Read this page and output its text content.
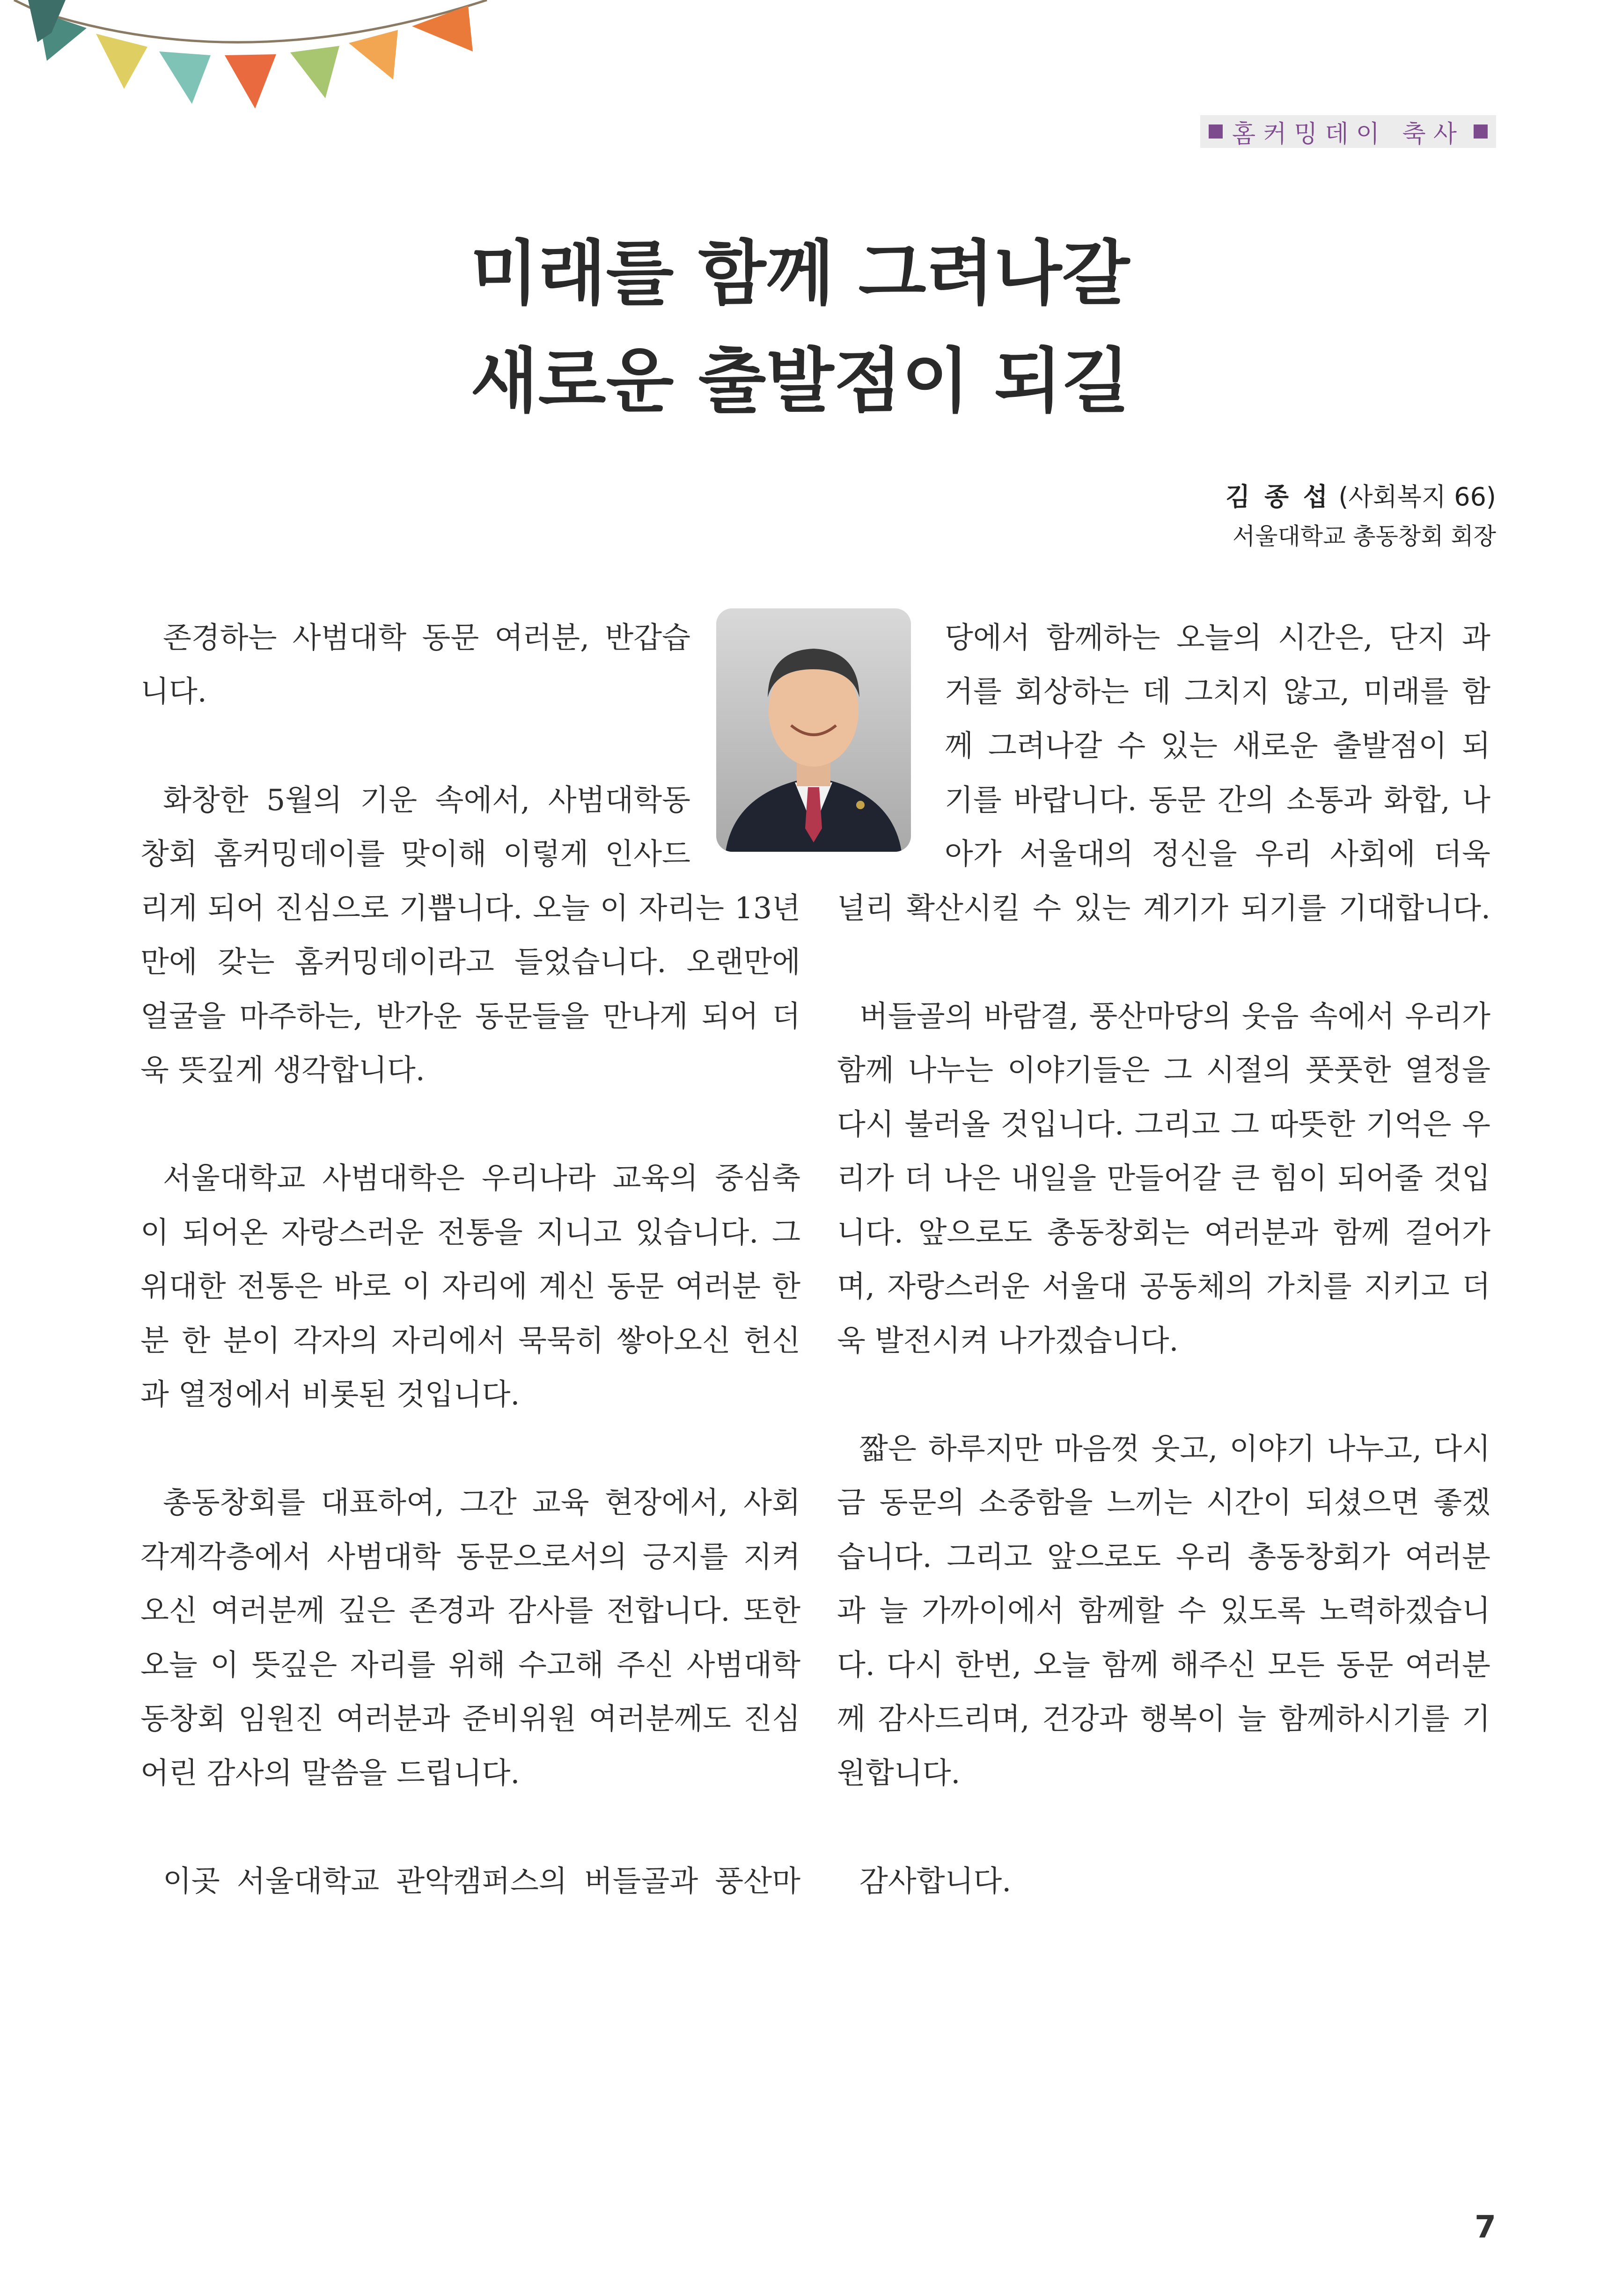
홈커밍데이 축사
미래를 함께 그려나갈
새로운 출발점이 되길
김 종 섭 (사회복지 66)
서울대학교 총동창회 회장
존경하는 사범대학 동문 여러분, 반갑습
니다.
화창한 5월의 기운 속에서, 사범대학동
창회 홈커밍데이를 맞이해 이렇게 인사드
리게 되어 진심으로 기쁩니다. 오늘 이 자리는 13년
만에 갖는 홈커밍데이라고 들었습니다. 오랜만에
얼굴을 마주하는, 반가운 동문들을 만나게 되어 더
욱 뜻깊게 생각합니다.
서울대학교 사범대학은 우리나라 교육의 중심축
이 되어온 자랑스러운 전통을 지니고 있습니다. 그
위대한 전통은 바로 이 자리에 계신 동문 여러분 한
분 한 분이 각자의 자리에서 묵묵히 쌓아오신 헌신
과 열정에서 비롯된 것입니다.
총동창회를 대표하여, 그간 교육 현장에서, 사회
각계각층에서 사범대학 동문으로서의 긍지를 지켜
오신 여러분께 깊은 존경과 감사를 전합니다. 또한
오늘 이 뜻깊은 자리를 위해 수고해 주신 사범대학
동창회 임원진 여러분과 준비위원 여러분께도 진심
어린 감사의 말씀을 드립니다.
이곳 서울대학교 관악캠퍼스의 버들골과 풍산마
당에서 함께하는 오늘의 시간은, 단지 과
거를 회상하는 데 그치지 않고, 미래를 함
께 그려나갈 수 있는 새로운 출발점이 되
기를 바랍니다. 동문 간의 소통과 화합, 나
아가 서울대의 정신을 우리 사회에 더욱
널리 확산시킬 수 있는 계기가 되기를 기대합니다.
버들골의 바람결, 풍산마당의 웃음 속에서 우리가
함께 나누는 이야기들은 그 시절의 풋풋한 열정을
다시 불러올 것입니다. 그리고 그 따뜻한 기억은 우
리가 더 나은 내일을 만들어갈 큰 힘이 되어줄 것입
니다. 앞으로도 총동창회는 여러분과 함께 걸어가
며, 자랑스러운 서울대 공동체의 가치를 지키고 더
욱 발전시켜 나가겠습니다.
짧은 하루지만 마음껏 웃고, 이야기 나누고, 다시
금 동문의 소중함을 느끼는 시간이 되셨으면 좋겠
습니다. 그리고 앞으로도 우리 총동창회가 여러분
과 늘 가까이에서 함께할 수 있도록 노력하겠습니
다. 다시 한번, 오늘 함께 해주신 모든 동문 여러분
께 감사드리며, 건강과 행복이 늘 함께하시기를 기
원합니다.
감사합니다.
7
